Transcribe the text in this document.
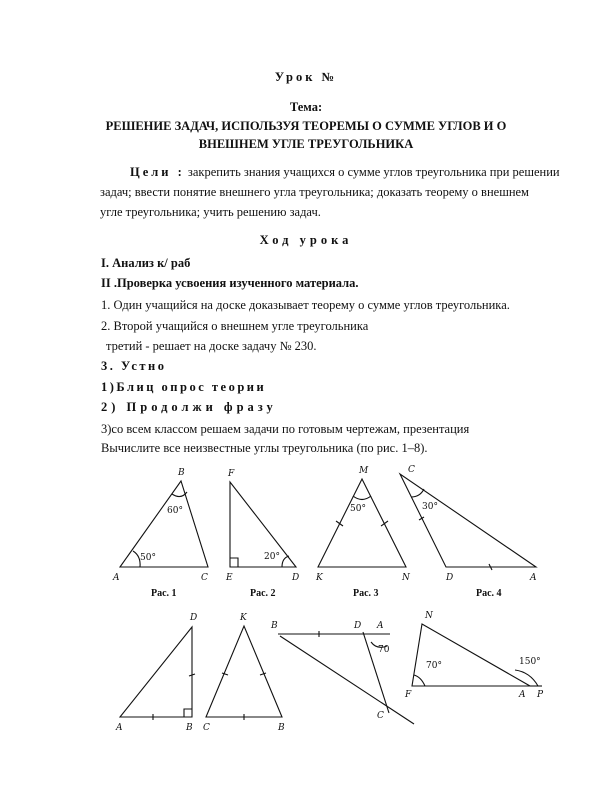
Урок №
Тема:
РЕШЕНИЕ ЗАДАЧ, ИСПОЛЬЗУЯ ТЕОРЕМЫ О СУММЕ УГЛОВ И О
ВНЕШНЕМ УГЛЕ ТРЕУГОЛЬНИКА
Цели : закрепить знания учащихся о сумме углов треугольника при решении
задач; ввести понятие внешнего угла треугольника; доказать теорему о внешнем
угле треугольника; учить решению задач.
Ход урока
I. Анализ к/ раб
II .Проверка усвоения изученного материала.
1. Один учащийся на доске доказывает теорему о сумме углов треугольника.
2. Второй учащийся о внешнем угле треугольника
третий - решает на доске задачу № 230.
3. Устно
1)Блиц опрос теории
2) Продолжи фразу
3)со всем классом решаем задачи по готовым чертежам, презентация
Вычислите все неизвестные углы треугольника (по рис. 1–8).
Рас. 1	Рас. 2	Рас. 3	Рас. 4
B
A	C
60°
50°
F
E	D
20°
M
K	N
50°
C
D	A
30°
D
A	B
K
C	B
B	D A
C
70
N
F	A P
70°	150°
